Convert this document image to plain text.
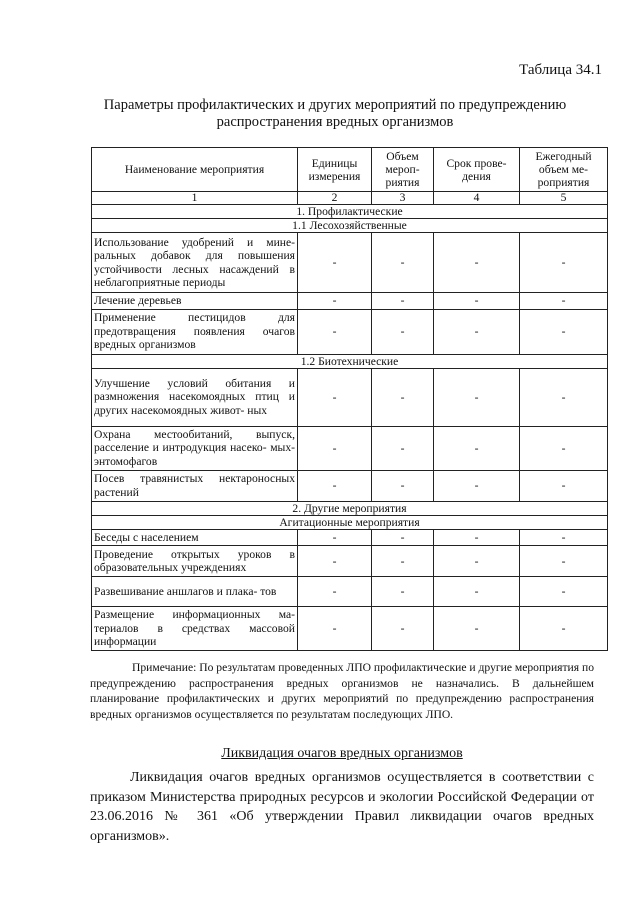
Таблица 34.1
Параметры профилактических и других мероприятий по предупреждению распространения вредных организмов
Наименование мероприятия	Единицы измерения	Объем мероп- риятия	Срок прове- дения	Ежегодный объем ме- роприятия
1	2	3	4	5
1. Профилактические				
1.1 Лесохозяйственные				
Использование удобрений и мине- ральных добавок для повышения устойчивости лесных насаждений в неблагоприятные периоды	-	-	-	-
Лечение деревьев	-	-	-	-
Применение пестицидов для предотвращения появления очагов вредных организмов	-	-	-	-
1.2 Биотехнические				
Улучшение условий обитания и размножения насекомоядных птиц и других насекомоядных живот- ных	-	-	-	-
Охрана местообитаний, выпуск, расселение и интродукция насеко- мых-энтомофагов	-	-	-	-
Посев травянистых нектароносных растений	-	-	-	-
2. Другие мероприятия				
Агитационные мероприятия				
Беседы с населением	-	-	-	-
Проведение открытых уроков в образовательных учреждениях	-	-	-	-
Развешивание аншлагов и плака- тов	-	-	-	-
Размещение информационных ма- териалов в средствах массовой информации	-	-	-	-

Примечание: По результатам проведенных ЛПО профилактические и другие мероприятия по предупреждению распространения вредных организмов не назначались. В дальнейшем планирование профилактических и других мероприятий по предупреждению распространения вредных организмов осуществляется по результатам последующих ЛПО.

Ликвидация очагов вредных организмов

Ликвидация очагов вредных организмов осуществляется в соответствии с приказом Министерства природных ресурсов и экологии Российской Федерации от 23.06.2016 № 361 «Об утверждении Правил ликвидации очагов вредных организмов».
